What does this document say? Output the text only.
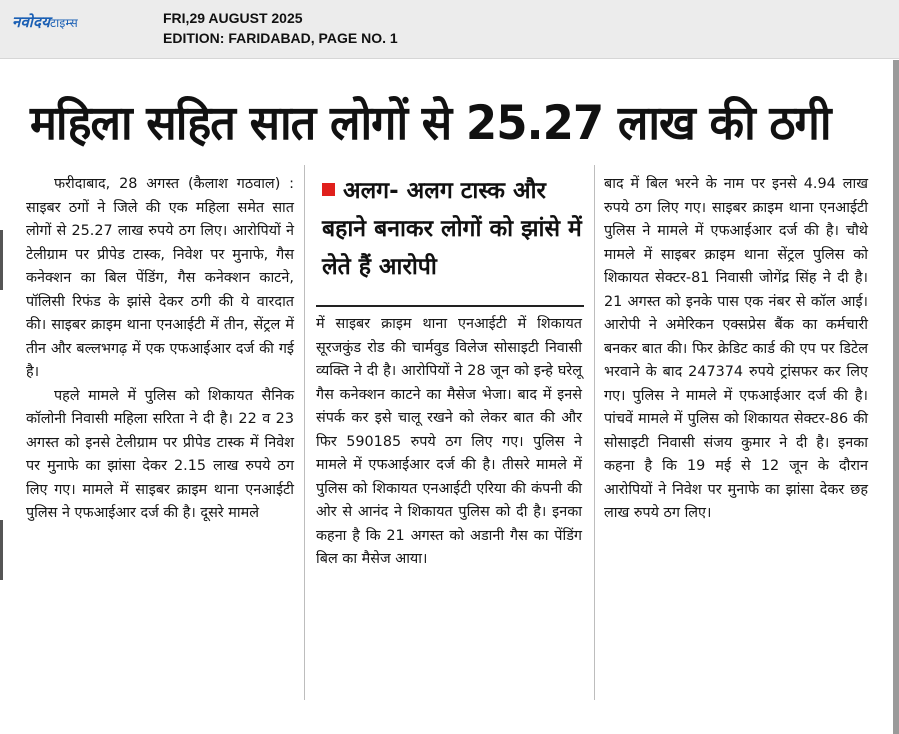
नवोदयटाइम्स	FRI,29 AUGUST 2025
EDITION: FARIDABAD, PAGE NO. 1
महिला सहित सात लोगों से 25.27 लाख की ठगी

फरीदाबाद, 28 अगस्त (कैलाश गठवाल) : साइबर ठगों ने जिले की एक महिला समेत सात लोगों से 25.27 लाख रुपये ठग लिए। आरोपियों ने टेलीग्राम पर प्रीपेड टास्क, निवेश पर मुनाफे, गैस कनेक्शन का बिल पेंडिंग, गैस कनेक्शन काटने, पॉलिसी रिफंड के झांसे देकर ठगी की ये वारदात की। साइबर क्राइम थाना एनआईटी में तीन, सेंट्रल में तीन और बल्लभगढ़ में एक एफआईआर दर्ज की गई है।

पहले मामले में पुलिस को शिकायत सैनिक कॉलोनी निवासी महिला सरिता ने दी है। 22 व 23 अगस्त को इनसे टेलीग्राम पर प्रीपेड टास्क में निवेश पर मुनाफे का झांसा देकर 2.15 लाख रुपये ठग लिए गए। मामले में साइबर क्राइम थाना एनआईटी पुलिस ने एफआईआर दर्ज की है। दूसरे मामले

अलग- अलग टास्क और बहाने बनाकर लोगों को झांसे में लेते हैं आरोपी

में साइबर क्राइम थाना एनआईटी में शिकायत सूरजकुंड रोड की चार्मवुड विलेज सोसाइटी निवासी व्यक्ति ने दी है। आरोपियों ने 28 जून को इन्हे घरेलू गैस कनेक्शन काटने का मैसेज भेजा। बाद में इनसे संपर्क कर इसे चालू रखने को लेकर बात की और फिर 590185 रुपये ठग लिए गए। पुलिस ने मामले में एफआईआर दर्ज की है। तीसरे मामले में पुलिस को शिकायत एनआईटी एरिया की कंपनी की ओर से आनंद ने शिकायत पुलिस को दी है। इनका कहना है कि 21 अगस्त को अडानी गैस का पेंडिंग बिल का मैसेज आया।

बाद में बिल भरने के नाम पर इनसे 4.94 लाख रुपये ठग लिए गए। साइबर क्राइम थाना एनआईटी पुलिस ने मामले में एफआईआर दर्ज की है। चौथे मामले में साइबर क्राइम थाना सेंट्रल पुलिस को शिकायत सेक्टर-81 निवासी जोगेंद्र सिंह ने दी है। 21 अगस्त को इनके पास एक नंबर से कॉल आई। आरोपी ने अमेरिकन एक्सप्रेस बैंक का कर्मचारी बनकर बात की। फिर क्रेडिट कार्ड की एप पर डिटेल भरवाने के बाद 247374 रुपये ट्रांसफर कर लिए गए। पुलिस ने मामले में एफआईआर दर्ज की है। पांचवें मामले में पुलिस को शिकायत सेक्टर-86 की सोसाइटी निवासी संजय कुमार ने दी है। इनका कहना है कि 19 मई से 12 जून के दौरान आरोपियों ने निवेश पर मुनाफे का झांसा देकर छह लाख रुपये ठग लिए।
